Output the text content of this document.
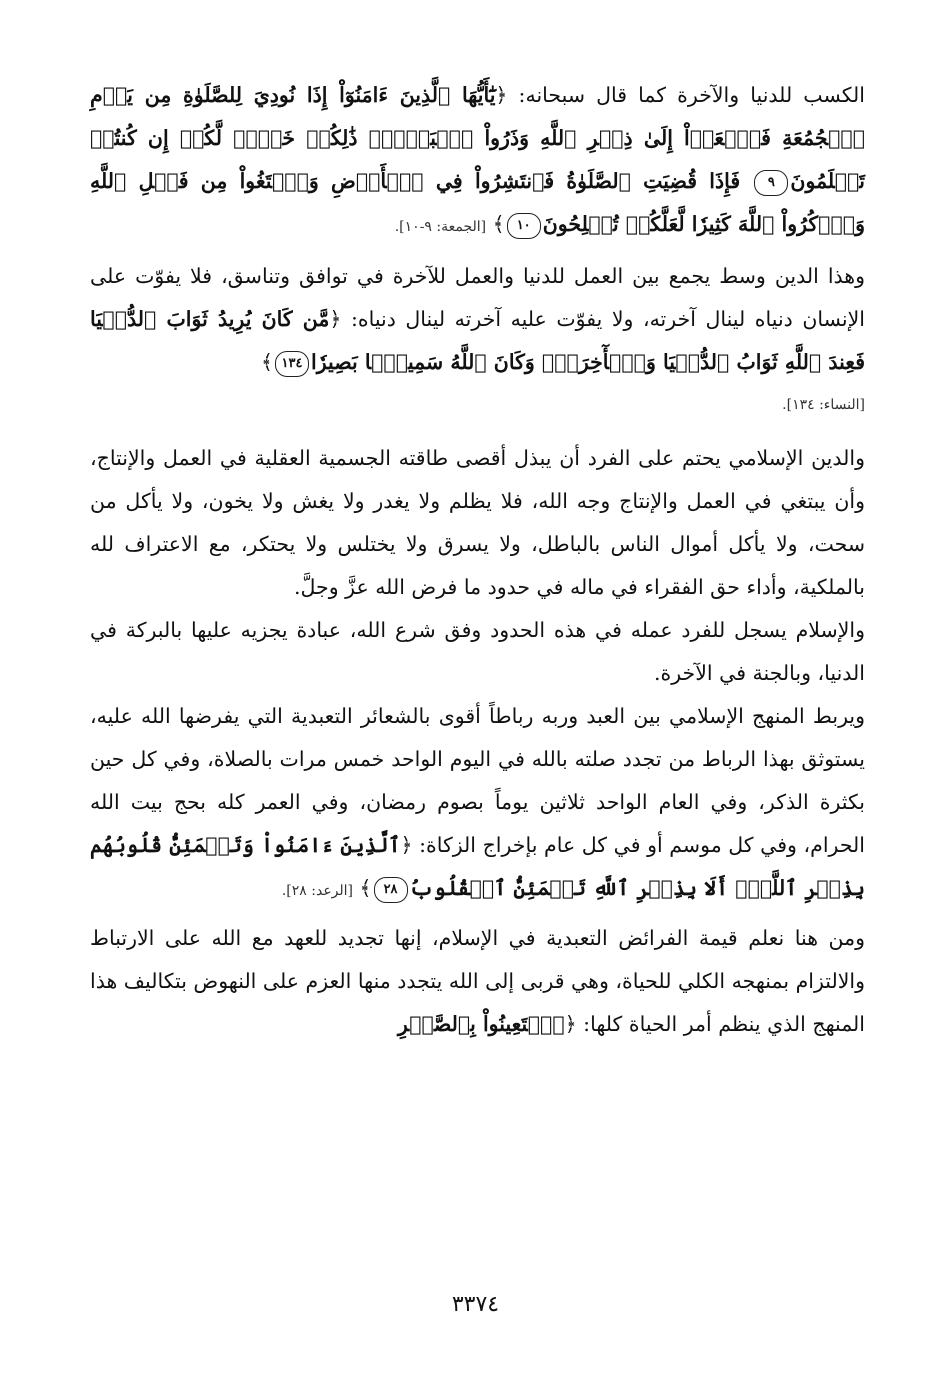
الكسب للدنيا والآخرة كما قال سبحانه: ﴿يَٰٓأَيُّهَا ٱلَّذِينَ ءَامَنُوٓاْ إِذَا نُودِيَ لِلصَّلَوٰةِ مِن يَوۡمِ ٱلۡجُمُعَةِ فَٱسۡعَوۡاْ إِلَىٰ ذِكۡرِ ٱللَّهِ وَذَرُواْ ٱلۡبَيۡعَۚ ذَٰلِكُمۡ خَيۡرٞ لَّكُمۡ إِن كُنتُمۡ تَعۡلَمُونَ٩ فَإِذَا قُضِيَتِ ٱلصَّلَوٰةُ فَٱنتَشِرُواْ فِي ٱلۡأَرۡضِ وَٱبۡتَغُواْ مِن فَضۡلِ ٱللَّهِ وَٱذۡكُرُواْ ٱللَّهَ كَثِيرٗا لَّعَلَّكُمۡ تُفۡلِحُونَ١٠﴾ [الجمعة: ٩-١٠].

وهذا الدين وسط يجمع بين العمل للدنيا والعمل للآخرة في توافق وتناسق، فلا يفوّت على الإنسان دنياه لينال آخرته، ولا يفوّت عليه آخرته لينال دنياه: ﴿مَّن كَانَ يُرِيدُ ثَوَابَ ٱلدُّنۡيَا فَعِندَ ٱللَّهِ ثَوَابُ ٱلدُّنۡيَا وَٱلۡأٓخِرَةِۚ وَكَانَ ٱللَّهُ سَمِيعَۢا بَصِيرٗا١٣٤﴾
[النساء: ١٣٤].

والدين الإسلامي يحتم على الفرد أن يبذل أقصى طاقته الجسمية العقلية في العمل والإنتاج، وأن يبتغي في العمل والإنتاج وجه الله، فلا يظلم ولا يغدر ولا يغش ولا يخون، ولا يأكل من سحت، ولا يأكل أموال الناس بالباطل، ولا يسرق ولا يختلس ولا يحتكر، مع الاعتراف لله بالملكية، وأداء حق الفقراء في ماله في حدود ما فرض الله عزَّ وجلَّ.

والإسلام يسجل للفرد عمله في هذه الحدود وفق شرع الله، عبادة يجزيه عليها بالبركة في الدنيا، وبالجنة في الآخرة.

ويربط المنهج الإسلامي بين العبد وربه رباطاً أقوى بالشعائر التعبدية التي يفرضها الله عليه، يستوثق بهذا الرباط من تجدد صلته بالله في اليوم الواحد خمس مرات بالصلاة، وفي كل حين بكثرة الذكر، وفي العام الواحد ثلاثين يوماً بصوم رمضان، وفي العمر كله بحج بيت الله الحرام، وفي كل موسم أو في كل عام بإخراج الزكاة: ﴿ٱلَّذِينَ ءَامَنُواْ وَتَطۡمَئِنُّ قُلُوبُهُم بِذِكۡرِ ٱللَّهِۗ أَلَا بِذِكۡرِ ٱللَّهِ تَطۡمَئِنُّ ٱلۡقُلُوبُ٢٨﴾ [الرعد: ٢٨].

ومن هنا نعلم قيمة الفرائض التعبدية في الإسلام، إنها تجديد للعهد مع الله على الارتباط والالتزام بمنهجه الكلي للحياة، وهي قربى إلى الله يتجدد منها العزم على النهوض بتكاليف هذا المنهج الذي ينظم أمر الحياة كلها: ﴿ٱسۡتَعِينُواْ بِٱلصَّبۡرِ

٣٣٧٤
